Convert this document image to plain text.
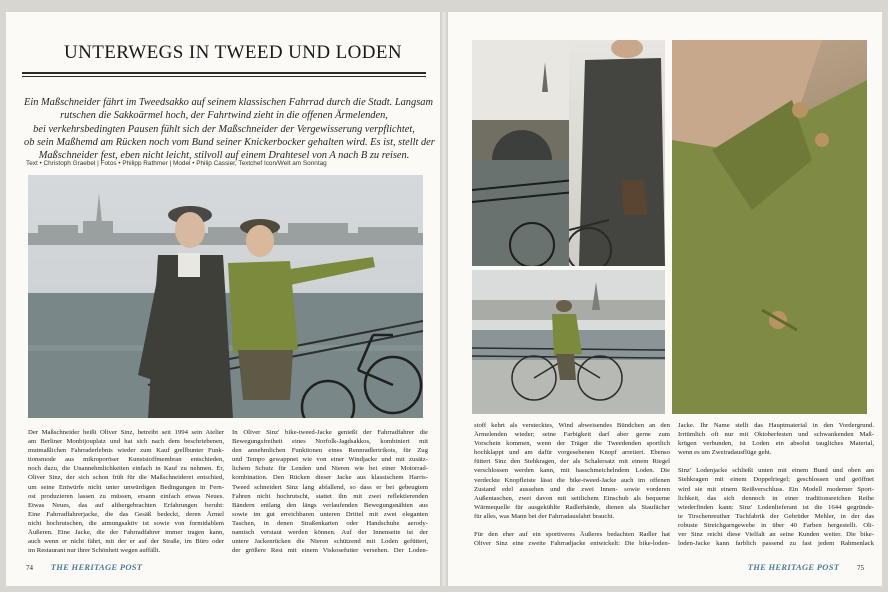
UNTERWEGS IN TWEED UND LODEN
Ein Maßschneider fährt im Tweedsakko auf seinem klassischen Fahrrad durch die Stadt. Langsam
rutschen die Sakkoärmel hoch, der Fahrtwind zieht in die offenen Ärmelenden,
bei verkehrsbedingten Pausen fühlt sich der Maßschneider der Vergewisserung verpflichtet,
ob sein Maßhemd am Rücken noch vom Bund seiner Knickerbocker gehalten wird. Es ist, stellt der
Maßschneider fest, eben nicht leicht, stilvoll auf einem Drahtesel von A nach B zu reisen.
Text • Christoph Graebel | Fotos • Philipp Rathmer | Model • Philip Cassier, Textchef Icon/Welt am Sonntag
Der Maßschneider heißt Oliver Sinz, betreibt seit 1994 sein Atelier
am Berliner Monbijouplatz und hat sich nach dem beschriebenen,
mutmaßlichen Fahrraderlebnis wieder zum Kauf grellbunter Funk-
tionsmode aus mikroporöser Kunststoffmembran entschieden,
noch dazu, die Unannehmlichkeiten einfach in Kauf zu nehmen. Er,
Oliver Sinz, der sich schon früh für die Maßschneiderei entschied,
um seine Entwürfe nicht unter unwürdigen Bedingungen in Fern-
ost produzieren lassen zu müssen, ersann einfach etwas Neues.
Etwas Neues, das auf althergebrachten Erfahrungen beruht:
Eine Fahrradfahrerjacke, die das Gesäß bedeckt, deren Ärmel
nicht hochrutschen, die atmungsaktiv ist sowie von formidablem
Äußeren. Eine Jacke, die der Fahrradfahrer immer tragen kann,
auch wenn er nicht fährt, mit der er auf der Straße, im Büro oder
im Restaurant nur ihrer Schönheit wegen auffällt.
In Oliver Sinz' bike-tweed-Jacke genießt der Fahrradfahrer die
Bewegungsfreiheit eines Norfolk-Jagdsakkos, kombiniert mit
den annehmlichen Funktionen eines Rennradlertrikots, für Zug
und Tempo gewappnet wie von einer Windjacke und mit zusätz-
lichem Schutz für Lenden und Nieren wie bei einer Motorrad-
kombination. Den Rücken dieser Jacke aus klassischem Harris-
Tweed schneidert Sinz lang abfallend, so dass er bei gebeugtem
Fahren nicht hochrutscht, stattet ihn mit zwei reflektierenden
Bändern entlang den längs verlaufenden Bewegungsnähten aus
sowie im gut erreichbaren unteren Drittel mit zwei eleganten
Taschen, in denen Straßenkarten oder Handschuhe aerody-
namisch verstaut werden können. Auf der Innenseite ist der
untere Jackenrücken die Nieren schützend mit Loden gefüttert,
der größere Rest mit einem Viskosefutter versehen. Der Loden-
74 THE HERITAGE POST
stoff kehrt als verstecktes, Wind abweisendes Bündchen an den
Ärmelenden wieder; seine Farbigkeit darf aber gerne zum
Vorschein kommen, wenn der Träger die Tweedenden sportlich
hochklappt und am dafür vorgesehenen Knopf arretiert. Ebenso
füttert Sinz den Stehkragen, der als Schalersatz mit einem Riegel
verschlossen werden kann, mit hasschmeichelndem Loden. Die
verdeckte Knopfleiste lässt die bike-tweed-Jacke auch im offenen
Zustand edel aussehen und die zwei Innen- sowie vorderen
Außentaschen, zwei davon mit seitlichem Einschub als bequeme
Wärmequelle für ausgekühlte Radlerhände, dienen als Staufächer
für alles, was Mann bei der Fahrradausfahrt braucht.
Für den eher auf ein sportiveres Äußeres bedachten Radler hat
Oliver Sinz eine zweite Fahrradjacke entwickelt: Die bike-loden-
Jacke. Ihr Name stellt das Hauptmaterial in den Vordergrund.
Irrtümlich oft nur mit Oktoberfesten und schwankenden Maß-
krügen verbunden, ist Loden ein absolut taugliches Material,
wenn es um Zweiradausflüge geht.
Sinz' Lodenjacke schließt unten mit einem Bund und oben am
Stehkragen mit einem Doppelriegel; geschlossen und geöffnet
wird sie mit einem Reißverschluss. Ein Modell moderner Sport-
lichkeit, das sich dennoch in einer traditionsreichen Reihe
wiederfinden kann: Sinz' Lodenlieferant ist die 1644 gegründe-
te Tirschenreuther Tuchfabrik der Gebrüder Mehler, in der das
robuste Streichgarngewebe in über 40 Farben hergestellt. Oli-
ver Sinz reicht diese Vielfalt an seine Kunden weiter. Die bike-
loden-Jacke kann farblich passend zu fast jedem Rahmenlack
THE HERITAGE POST	75
